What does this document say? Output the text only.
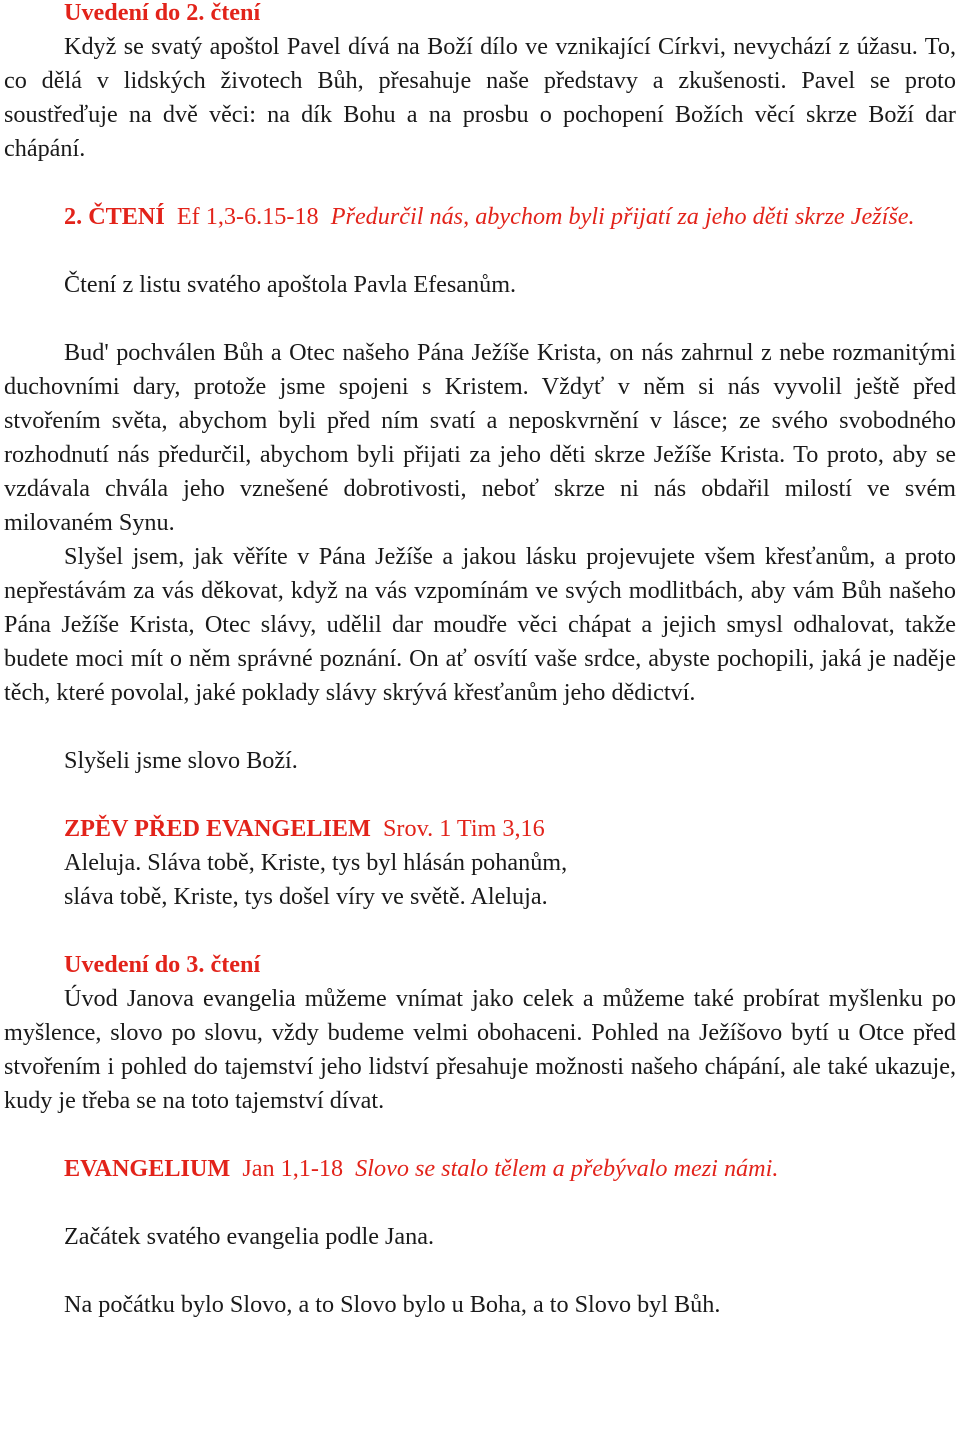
Uvedení do 2. čtení

Když se svatý apoštol Pavel dívá na Boží dílo ve vznikající Církvi, nevychází z úžasu. To, co dělá v lidských životech Bůh, přesahuje naše představy a zkušenosti. Pavel se proto soustřeďuje na dvě věci: na dík Bohu a na prosbu o pochopení Božích věcí skrze Boží dar chápání.

2. ČTENÍ Ef 1,3-6.15-18 Předurčil nás, abychom byli přijatí za jeho děti skrze Ježíše.

Čtení z listu svatého apoštola Pavla Efesanům.

Bud' pochválen Bůh a Otec našeho Pána Ježíše Krista, on nás zahrnul z nebe rozmanitými duchovními dary, protože jsme spojeni s Kristem. Vždyť v něm si nás vyvolil ještě před stvořením světa, abychom byli před ním svatí a neposkvrnění v lásce; ze svého svobodného rozhodnutí nás předurčil, abychom byli přijati za jeho děti skrze Ježíše Krista. To proto, aby se vzdávala chvála jeho vznešené dobrotivosti, neboť skrze ni nás obdařil milostí ve svém milovaném Synu.

Slyšel jsem, jak věříte v Pána Ježíše a jakou lásku projevujete všem křesťanům, a proto nepřestávám za vás děkovat, když na vás vzpomínám ve svých modlitbách, aby vám Bůh našeho Pána Ježíše Krista, Otec slávy, udělil dar moudře věci chápat a jejich smysl odhalovat, takže budete moci mít o něm správné poznání. On ať osvítí vaše srdce, abyste pochopili, jaká je naděje těch, které povolal, jaké poklady slávy skrývá křesťanům jeho dědictví.

Slyšeli jsme slovo Boží.

ZPĚV PŘED EVANGELIEM Srov. 1 Tim 3,16

Aleluja. Sláva tobě, Kriste, tys byl hlásán pohanům,

sláva tobě, Kriste, tys došel víry ve světě. Aleluja.

Uvedení do 3. čtení

Úvod Janova evangelia můžeme vnímat jako celek a můžeme také probírat myšlenku po myšlence, slovo po slovu, vždy budeme velmi obohaceni. Pohled na Ježíšovo bytí u Otce před stvořením i pohled do tajemství jeho lidství přesahuje možnosti našeho chápání, ale také ukazuje, kudy je třeba se na toto tajemství dívat.

EVANGELIUM Jan 1,1-18 Slovo se stalo tělem a přebývalo mezi námi.

Začátek svatého evangelia podle Jana.

Na počátku bylo Slovo, a to Slovo bylo u Boha, a to Slovo byl Bůh.
